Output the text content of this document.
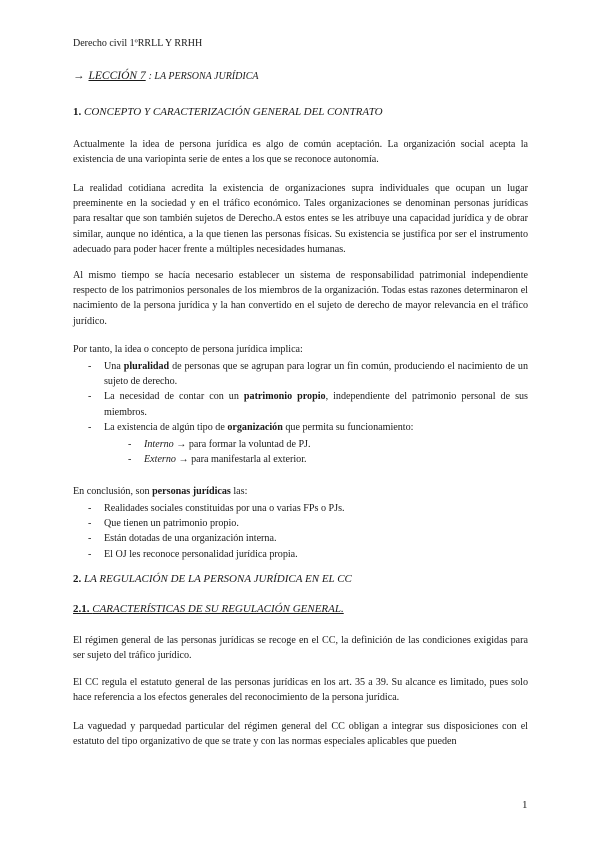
Derecho civil 1ºRRLL Y RRHH
→ LECCIÓN 7 : LA PERSONA JURÍDICA
1. CONCEPTO Y CARACTERIZACIÓN GENERAL DEL CONTRATO

Actualmente la idea de persona jurídica es algo de común aceptación. La organización social acepta la existencia de una variopinta serie de entes a los que se reconoce autonomía.

La realidad cotidiana acredita la existencia de organizaciones supra individuales que ocupan un lugar preeminente en la sociedad y en el tráfico económico. Tales organizaciones se denominan personas jurídicas para resaltar que son también sujetos de Derecho.A estos entes se les atribuye una capacidad jurídica y de obrar similar, aunque no idéntica, a la que tienen las personas físicas. Su existencia se justifica por ser el instrumento adecuado para poder hacer frente a múltiples necesidades humanas.

Al mismo tiempo se hacía necesario establecer un sistema de responsabilidad patrimonial independiente respecto de los patrimonios personales de los miembros de la organización. Todas estas razones determinaron el nacimiento de la persona jurídica y la han convertido en el sujeto de derecho de mayor relevancia en el tráfico jurídico.

Por tanto, la idea o concepto de persona jurídica implica:

- Una pluralidad de personas que se agrupan para lograr un fin común, produciendo el nacimiento de un sujeto de derecho.
- La necesidad de contar con un patrimonio propio, independiente del patrimonio personal de sus miembros.
- La existencia de algún tipo de organización que permita su funcionamiento:
- Interno → para formar la voluntad de PJ.
- Externo → para manifestarla al exterior.

En conclusión, son personas jurídicas las:

- Realidades sociales constituidas por una o varias FPs o PJs.
- Que tienen un patrimonio propio.
- Están dotadas de una organización interna.
- El OJ les reconoce personalidad jurídica propia.
2. LA REGULACIÓN DE LA PERSONA JURÍDICA EN EL CC
2.1. CARACTERÍSTICAS DE SU REGULACIÓN GENERAL.

El régimen general de las personas jurídicas se recoge en el CC, la definición de las condiciones exigidas para ser sujeto del tráfico jurídico.

El CC regula el estatuto general de las personas jurídicas en los art. 35 a 39. Su alcance es limitado, pues solo hace referencia a los efectos generales del reconocimiento de la persona jurídica.

La vaguedad y parquedad particular del régimen general del CC obligan a integrar sus disposiciones con el estatuto del tipo organizativo de que se trate y con las normas especiales aplicables que pueden

1
